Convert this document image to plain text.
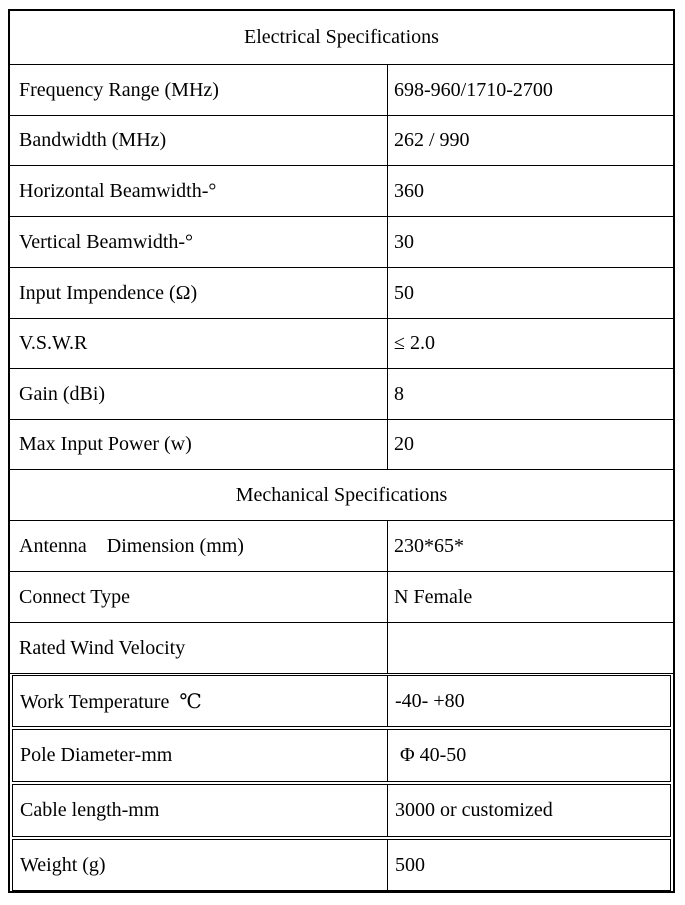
Electrical Specifications
Frequency Range (MHz)	698-960/1710-2700
Bandwidth (MHz)	262 / 990
Horizontal Beamwidth-°	360
Vertical Beamwidth-°	30
Input Impendence (Ω)	50
V.S.W.R	≤ 2.0
Gain (dBi)	8
Max Input Power (w)	20
Mechanical Specifications
Antenna    Dimension (mm)	230*65*
Connect Type	N Female
Rated Wind Velocity
Work Temperature  ℃	-40- +80
Pole Diameter-mm	Φ 40-50
Cable length-mm	3000 or customized
Weight (g)	500
